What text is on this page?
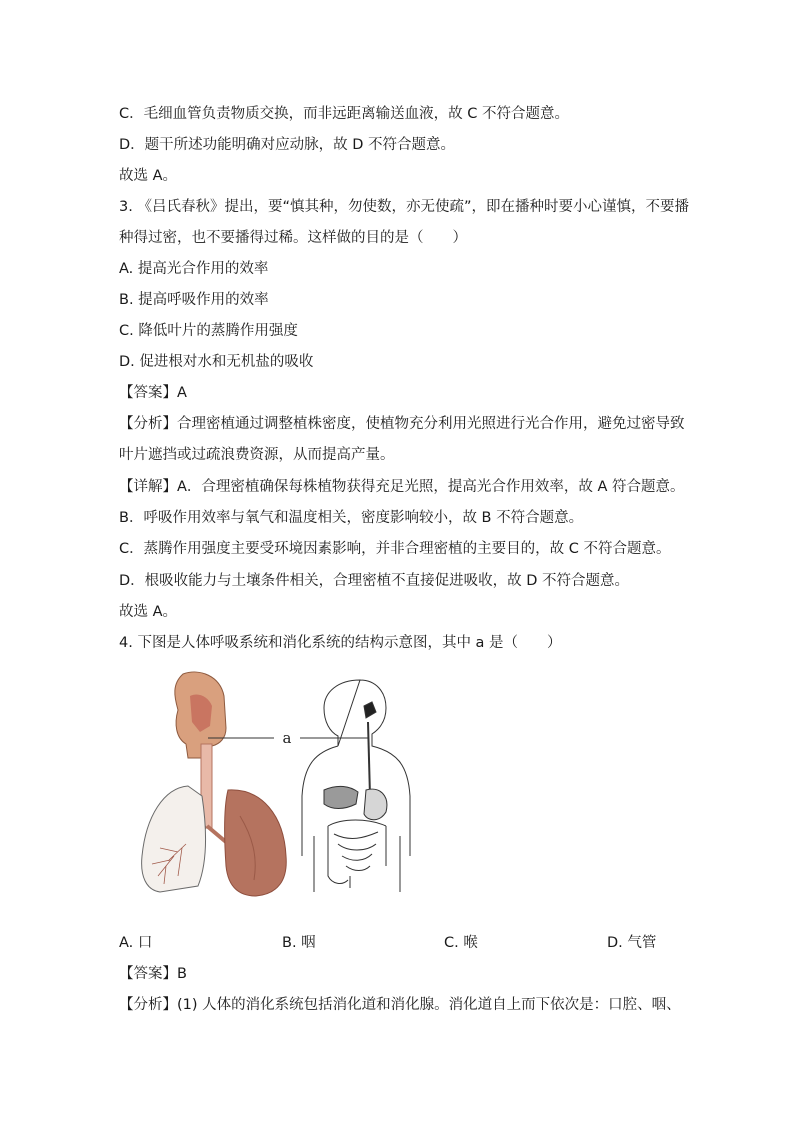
C．毛细血管负责物质交换，而非远距离输送血液，故 C 不符合题意。
D．题干所述功能明确对应动脉，故 D 不符合题意。
故选 A。
3. 《吕氏春秋》提出，要“慎其种，勿使数，亦无使疏”，即在播种时要小心谨慎，不要播
种得过密，也不要播得过稀。这样做的目的是（　　）
A. 提高光合作用的效率
B. 提高呼吸作用的效率
C. 降低叶片的蒸腾作用强度
D. 促进根对水和无机盐的吸收
【答案】A
【分析】合理密植通过调整植株密度，使植物充分利用光照进行光合作用，避免过密导致
叶片遮挡或过疏浪费资源，从而提高产量。
【详解】A．合理密植确保每株植物获得充足光照，提高光合作用效率，故 A 符合题意。
B．呼吸作用效率与氧气和温度相关，密度影响较小，故 B 不符合题意。
C．蒸腾作用强度主要受环境因素影响，并非合理密植的主要目的，故 C 不符合题意。
D．根吸收能力与土壤条件相关，合理密植不直接促进吸收，故 D 不符合题意。
故选 A。
4. 下图是人体呼吸系统和消化系统的结构示意图，其中 a 是（　　）
a
A. 口	B. 咽	C. 喉	D. 气管
【答案】B
【分析】(1) 人体的消化系统包括消化道和消化腺。消化道自上而下依次是：口腔、咽、
